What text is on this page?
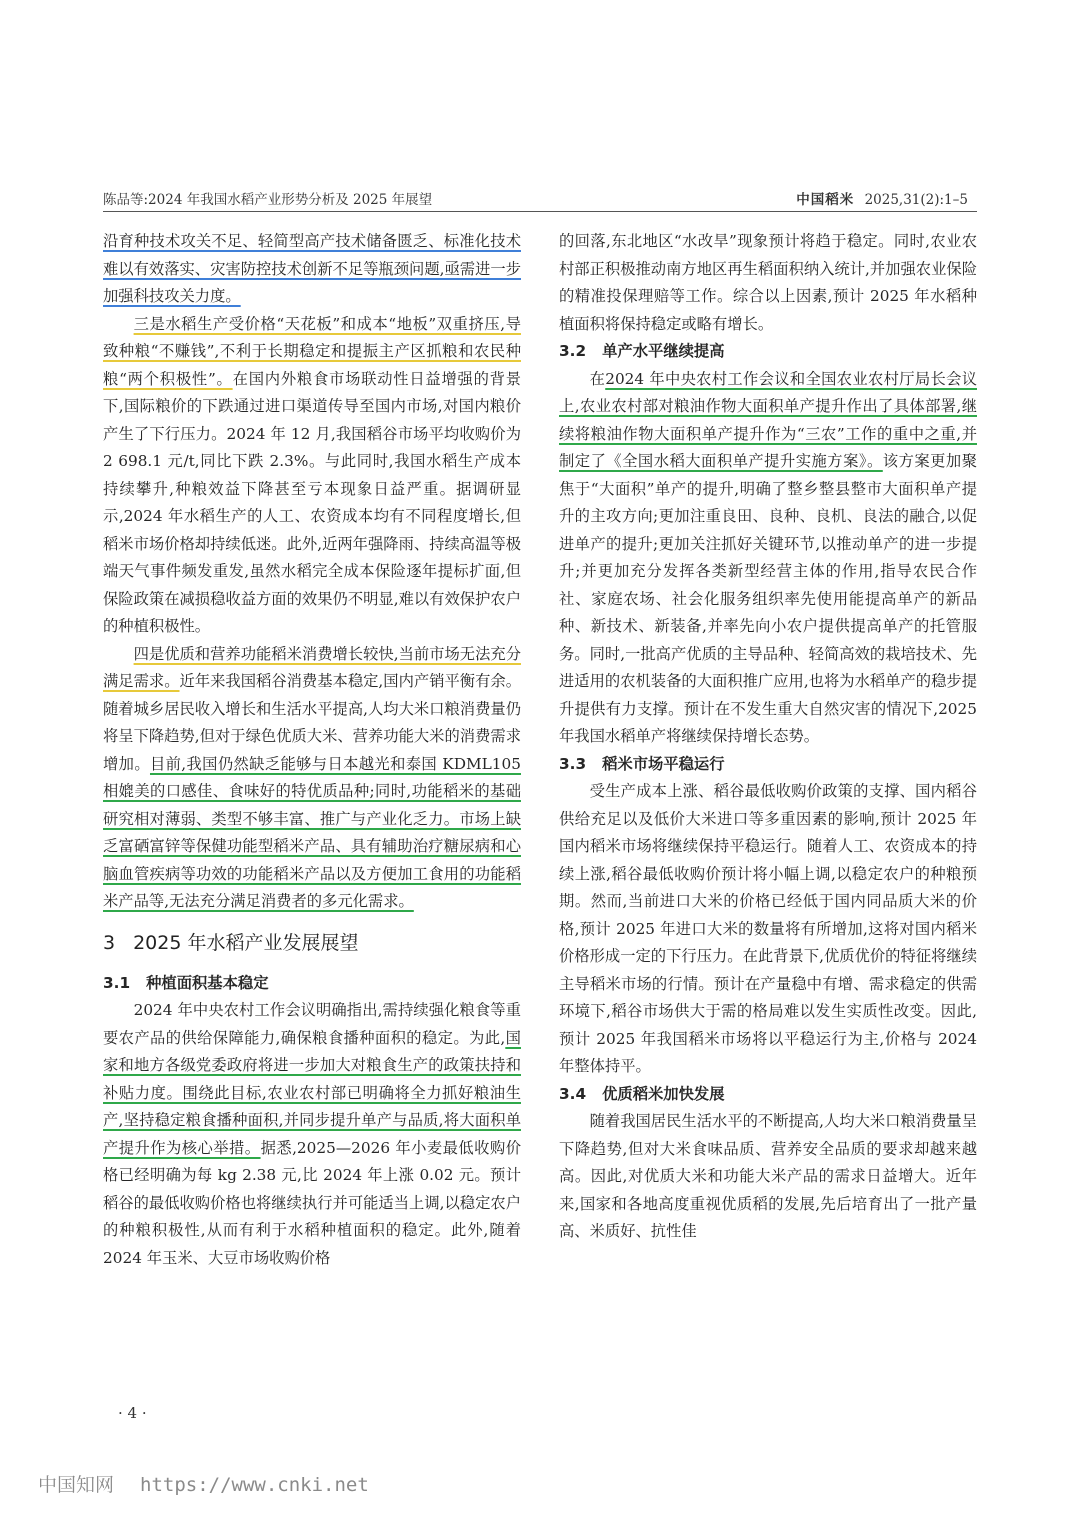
陈品等:2024 年我国水稻产业形势分析及 2025 年展望	中国稻米 2025,31(2):1–5

沿育种技术攻关不足、轻简型高产技术储备匮乏、标准化技术难以有效落实、灾害防控技术创新不足等瓶颈问题,亟需进一步加强科技攻关力度。

三是水稻生产受价格“天花板”和成本“地板”双重挤压,导致种粮“不赚钱”,不利于长期稳定和提振主产区抓粮和农民种粮“两个积极性”。在国内外粮食市场联动性日益增强的背景下,国际粮价的下跌通过进口渠道传导至国内市场,对国内粮价产生了下行压力。2024 年 12 月,我国稻谷市场平均收购价为 2 698.1 元/t,同比下跌 2.3%。与此同时,我国水稻生产成本持续攀升,种粮效益下降甚至亏本现象日益严重。据调研显示,2024 年水稻生产的人工、农资成本均有不同程度增长,但稻米市场价格却持续低迷。此外,近两年强降雨、持续高温等极端天气事件频发重发,虽然水稻完全成本保险逐年提标扩面,但保险政策在减损稳收益方面的效果仍不明显,难以有效保护农户的种植积极性。

四是优质和营养功能稻米消费增长较快,当前市场无法充分满足需求。近年来我国稻谷消费基本稳定,国内产销平衡有余。随着城乡居民收入增长和生活水平提高,人均大米口粮消费量仍将呈下降趋势,但对于绿色优质大米、营养功能大米的消费需求增加。目前,我国仍然缺乏能够与日本越光和泰国 KDML105 相媲美的口感佳、食味好的特优质品种;同时,功能稻米的基础研究相对薄弱、类型不够丰富、推广与产业化乏力。市场上缺乏富硒富锌等保健功能型稻米产品、具有辅助治疗糖尿病和心脑血管疾病等功效的功能稻米产品以及方便加工食用的功能稻米产品等,无法充分满足消费者的多元化需求。

3 2025 年水稻产业发展展望
3.1 种植面积基本稳定

2024 年中央农村工作会议明确指出,需持续强化粮食等重要农产品的供给保障能力,确保粮食播种面积的稳定。为此,国家和地方各级党委政府将进一步加大对粮食生产的政策扶持和补贴力度。围绕此目标,农业农村部已明确将全力抓好粮油生产,坚持稳定粮食播种面积,并同步提升单产与品质,将大面积单产提升作为核心举措。据悉,2025—2026 年小麦最低收购价格已经明确为每 kg 2.38 元,比 2024 年上涨 0.02 元。预计稻谷的最低收购价格也将继续执行并可能适当上调,以稳定农户的种粮积极性,从而有利于水稻种植面积的稳定。此外,随着 2024 年玉米、大豆市场收购价格

的回落,东北地区“水改旱”现象预计将趋于稳定。同时,农业农村部正积极推动南方地区再生稻面积纳入统计,并加强农业保险的精准投保理赔等工作。综合以上因素,预计 2025 年水稻种植面积将保持稳定或略有增长。

3.2 单产水平继续提高

在2024 年中央农村工作会议和全国农业农村厅局长会议上,农业农村部对粮油作物大面积单产提升作出了具体部署,继续将粮油作物大面积单产提升作为“三农”工作的重中之重,并制定了《全国水稻大面积单产提升实施方案》。该方案更加聚焦于“大面积”单产的提升,明确了整乡整县整市大面积单产提升的主攻方向;更加注重良田、良种、良机、良法的融合,以促进单产的提升;更加关注抓好关键环节,以推动单产的进一步提升;并更加充分发挥各类新型经营主体的作用,指导农民合作社、家庭农场、社会化服务组织率先使用能提高单产的新品种、新技术、新装备,并率先向小农户提供提高单产的托管服务。同时,一批高产优质的主导品种、轻简高效的栽培技术、先进适用的农机装备的大面积推广应用,也将为水稻单产的稳步提升提供有力支撑。预计在不发生重大自然灾害的情况下,2025 年我国水稻单产将继续保持增长态势。

3.3 稻米市场平稳运行

受生产成本上涨、稻谷最低收购价政策的支撑、国内稻谷供给充足以及低价大米进口等多重因素的影响,预计 2025 年国内稻米市场将继续保持平稳运行。随着人工、农资成本的持续上涨,稻谷最低收购价预计将小幅上调,以稳定农户的种粮预期。然而,当前进口大米的价格已经低于国内同品质大米的价格,预计 2025 年进口大米的数量将有所增加,这将对国内稻米价格形成一定的下行压力。在此背景下,优质优价的特征将继续主导稻米市场的行情。预计在产量稳中有增、需求稳定的供需环境下,稻谷市场供大于需的格局难以发生实质性改变。因此,预计 2025 年我国稻米市场将以平稳运行为主,价格与 2024 年整体持平。

3.4 优质稻米加快发展

随着我国居民生活水平的不断提高,人均大米口粮消费量呈下降趋势,但对大米食味品质、营养安全品质的要求却越来越高。因此,对优质大米和功能大米产品的需求日益增大。近年来,国家和各地高度重视优质稻的发展,先后培育出了一批产量高、米质好、抗性佳

· 4 ·
中国知网 https://www.cnki.net
